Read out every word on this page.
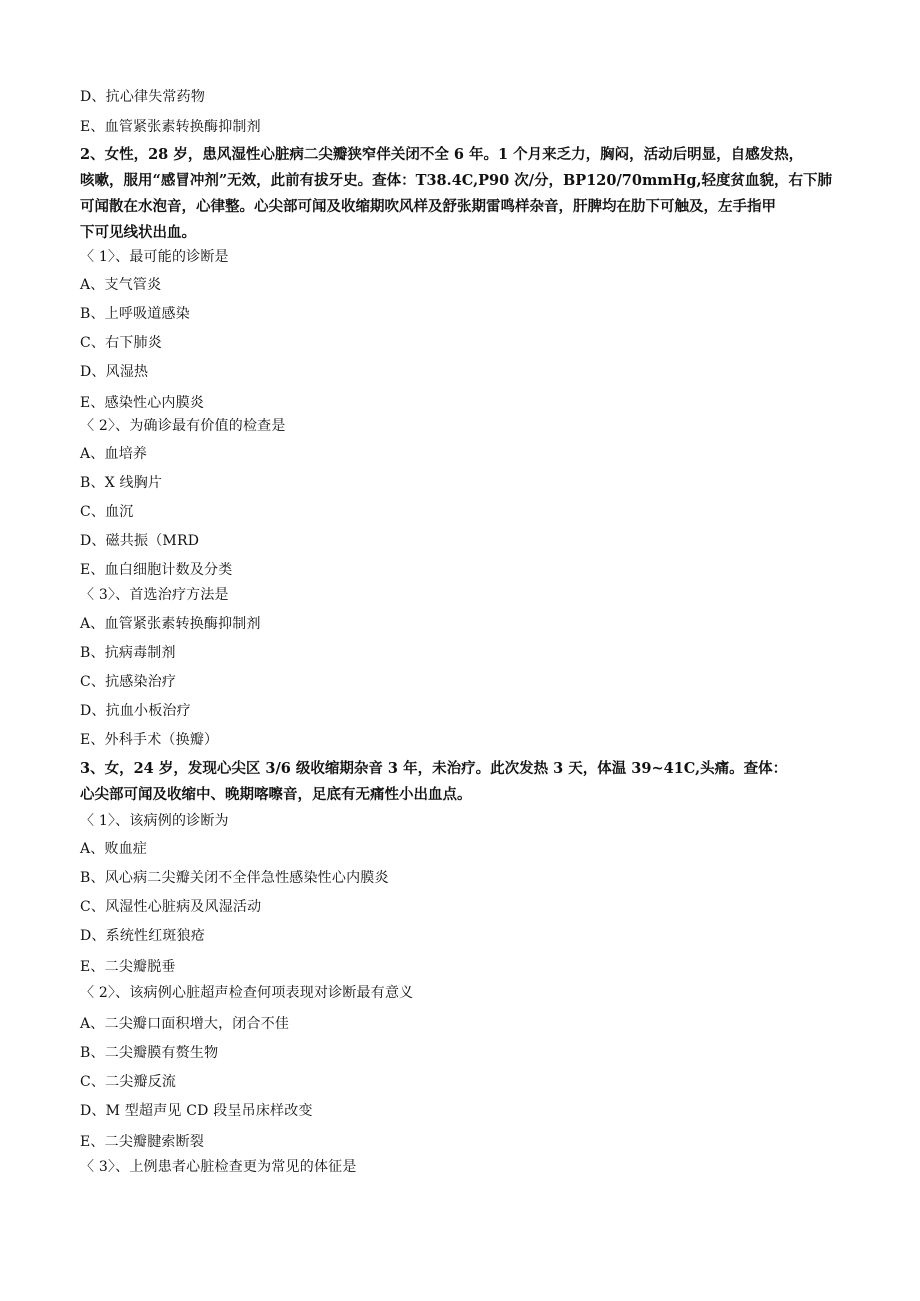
D、抗心律失常药物

E、血管紧张素转换酶抑制剂

2、女性，28 岁，患风湿性心脏病二尖瓣狭窄伴关闭不全 6 年。1 个月来乏力，胸闷，活动后明显，自感发热，
咳嗽，服用“感冒冲剂”无效，此前有拔牙史。查体：T38.4C,P90 次/分，BP120/70mmHg,轻度贫血貌，右下肺
可闻散在水泡音，心律整。心尖部可闻及收缩期吹风样及舒张期雷鸣样杂音，肝脾均在肋下可触及，左手指甲
下可见线状出血。

〈 1〉、最可能的诊断是

A、支气管炎

B、上呼吸道感染

C、右下肺炎

D、风湿热

E、感染性心内膜炎

〈 2〉、为确诊最有价值的检查是

A、血培养

B、X 线胸片

C、血沉

D、磁共振（MRD

E、血白细胞计数及分类

〈 3〉、首选治疗方法是

A、血管紧张素转换酶抑制剂

B、抗病毒制剂

C、抗感染治疗

D、抗血小板治疗

E、外科手术（换瓣）

3、女，24 岁，发现心尖区 3/6 级收缩期杂音 3 年，未治疗。此次发热 3 天，体温 39~41C,头痛。查体：
心尖部可闻及收缩中、晚期喀嚓音，足底有无痛性小出血点。

〈 1〉、该病例的诊断为

A、败血症

B、风心病二尖瓣关闭不全伴急性感染性心内膜炎

C、风湿性心脏病及风湿活动

D、系统性红斑狼疮

E、二尖瓣脱垂

〈 2〉、该病例心脏超声检查何项表现对诊断最有意义

A、二尖瓣口面积增大，闭合不佳

B、二尖瓣膜有赘生物

C、二尖瓣反流

D、M 型超声见 CD 段呈吊床样改变

E、二尖瓣腱索断裂

〈 3〉、上例患者心脏检查更为常见的体征是
